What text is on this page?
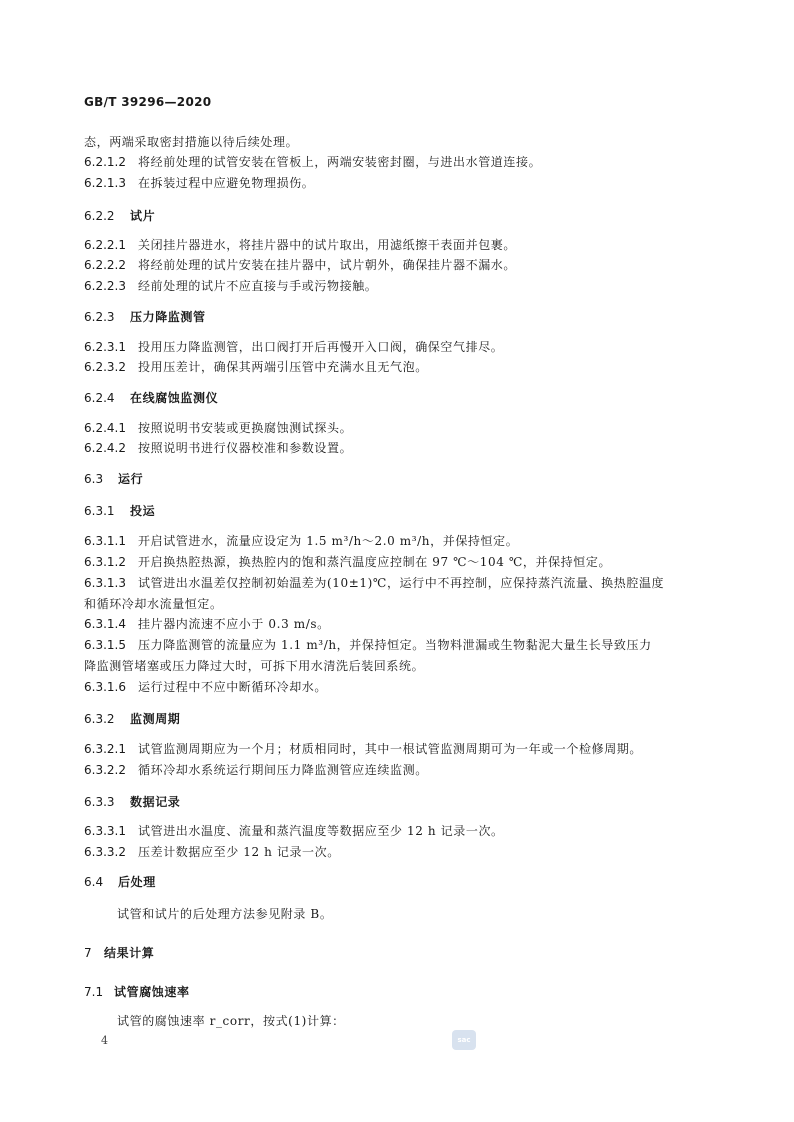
GB/T 39296—2020
态，两端采取密封措施以待后续处理。
6.2.1.2 将经前处理的试管安装在管板上，两端安装密封圈，与进出水管道连接。
6.2.1.3 在拆装过程中应避免物理损伤。
6.2.2 试片
6.2.2.1 关闭挂片器进水，将挂片器中的试片取出，用滤纸擦干表面并包裹。
6.2.2.2 将经前处理的试片安装在挂片器中，试片朝外，确保挂片器不漏水。
6.2.2.3 经前处理的试片不应直接与手或污物接触。
6.2.3 压力降监测管
6.2.3.1 投用压力降监测管，出口阀打开后再慢开入口阀，确保空气排尽。
6.2.3.2 投用压差计，确保其两端引压管中充满水且无气泡。
6.2.4 在线腐蚀监测仪
6.2.4.1 按照说明书安装或更换腐蚀测试探头。
6.2.4.2 按照说明书进行仪器校准和参数设置。
6.3 运行
6.3.1 投运
6.3.1.1 开启试管进水，流量应设定为 1.5 m³/h～2.0 m³/h，并保持恒定。
6.3.1.2 开启换热腔热源，换热腔内的饱和蒸汽温度应控制在 97 ℃～104 ℃，并保持恒定。
6.3.1.3 试管进出水温差仅控制初始温差为(10±1)℃，运行中不再控制，应保持蒸汽流量、换热腔温度
和循环冷却水流量恒定。
6.3.1.4 挂片器内流速不应小于 0.3 m/s。
6.3.1.5 压力降监测管的流量应为 1.1 m³/h，并保持恒定。当物料泄漏或生物黏泥大量生长导致压力
降监测管堵塞或压力降过大时，可拆下用水清洗后装回系统。
6.3.1.6 运行过程中不应中断循环冷却水。
6.3.2 监测周期
6.3.2.1 试管监测周期应为一个月；材质相同时，其中一根试管监测周期可为一年或一个检修周期。
6.3.2.2 循环冷却水系统运行期间压力降监测管应连续监测。
6.3.3 数据记录
6.3.3.1 试管进出水温度、流量和蒸汽温度等数据应至少 12 h 记录一次。
6.3.3.2 压差计数据应至少 12 h 记录一次。
6.4 后处理
试管和试片的后处理方法参见附录 B。
7 结果计算
7.1 试管腐蚀速率
试管的腐蚀速率 r_corr，按式(1)计算：
4	sac
